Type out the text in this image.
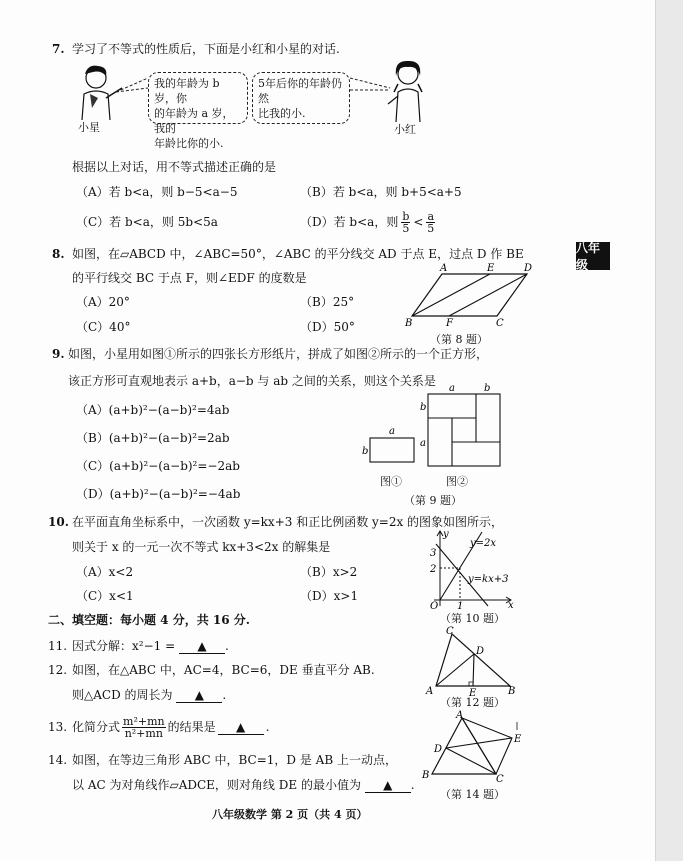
八年级
7. 学习了不等式的性质后，下面是小红和小星的对话.
小星
我的年龄为 b 岁，你
的年龄为 a 岁，我的
年龄比你的小.
5年后你的年龄仍然
比我的小.
小红
根据以上对话，用不等式描述正确的是
（A）若 b<a，则 b−5<a−5	（B）若 b<a，则 b+5<a+5
（C）若 b<a，则 5b<5a	（D）若 b<a，则 $\frac{b}{5} < \frac{a}{5}$
8. 如图，在▱ABCD 中，∠ABC=50°，∠ABC 的平分线交 AD 于点 E，过点 D 作 BE
的平行线交 BC 于点 F，则∠EDF 的度数是
（A）20°	（B）25°
（C）40°	（D）50°
A	E	D
B	F	C
（第 8 题）
9. 如图，小星用如图①所示的四张长方形纸片，拼成了如图②所示的一个正方形，
该正方形可直观地表示 a+b，a−b 与 ab 之间的关系，则这个关系是
（A）(a+b)²−(a−b)²=4ab
（B）(a+b)²−(a−b)²=2ab
（C）(a+b)²−(a−b)²=−2ab
（D）(a+b)²−(a−b)²=−4ab
a
b
a	b
b
a
图①	图②
（第 9 题）
10. 在平面直角坐标系中，一次函数 y=kx+3 和正比例函数 y=2x 的图象如图所示，
则关于 x 的一元一次不等式 kx+3<2x 的解集是
（A）x<2	（B）x>2
（C）x<1	（D）x>1
y
x
O 1
3
2
y=2x
y=kx+3
（第 10 题）
二、填空题：每小题 4 分，共 16 分.
11. 因式分解：x²−1 = ▲ .
12. 如图，在△ABC 中，AC=4，BC=6，DE 垂直平分 AB.
则△ACD 的周长为 ▲ .
C
D
A	E	B
（第 12 题）
13. 化简分式 $\frac{\text{m²+mn}}{\text{n²+mn}}$ 的结果是	▲	.
14. 如图，在等边三角形 ABC 中，BC=1，D 是 AB 上一动点，
以 AC 为对角线作▱ADCE，则对角线 DE 的最小值为 ▲ .
A
D
E
B	C
（第 14 题）
八年级数学 第 2 页（共 4 页）
